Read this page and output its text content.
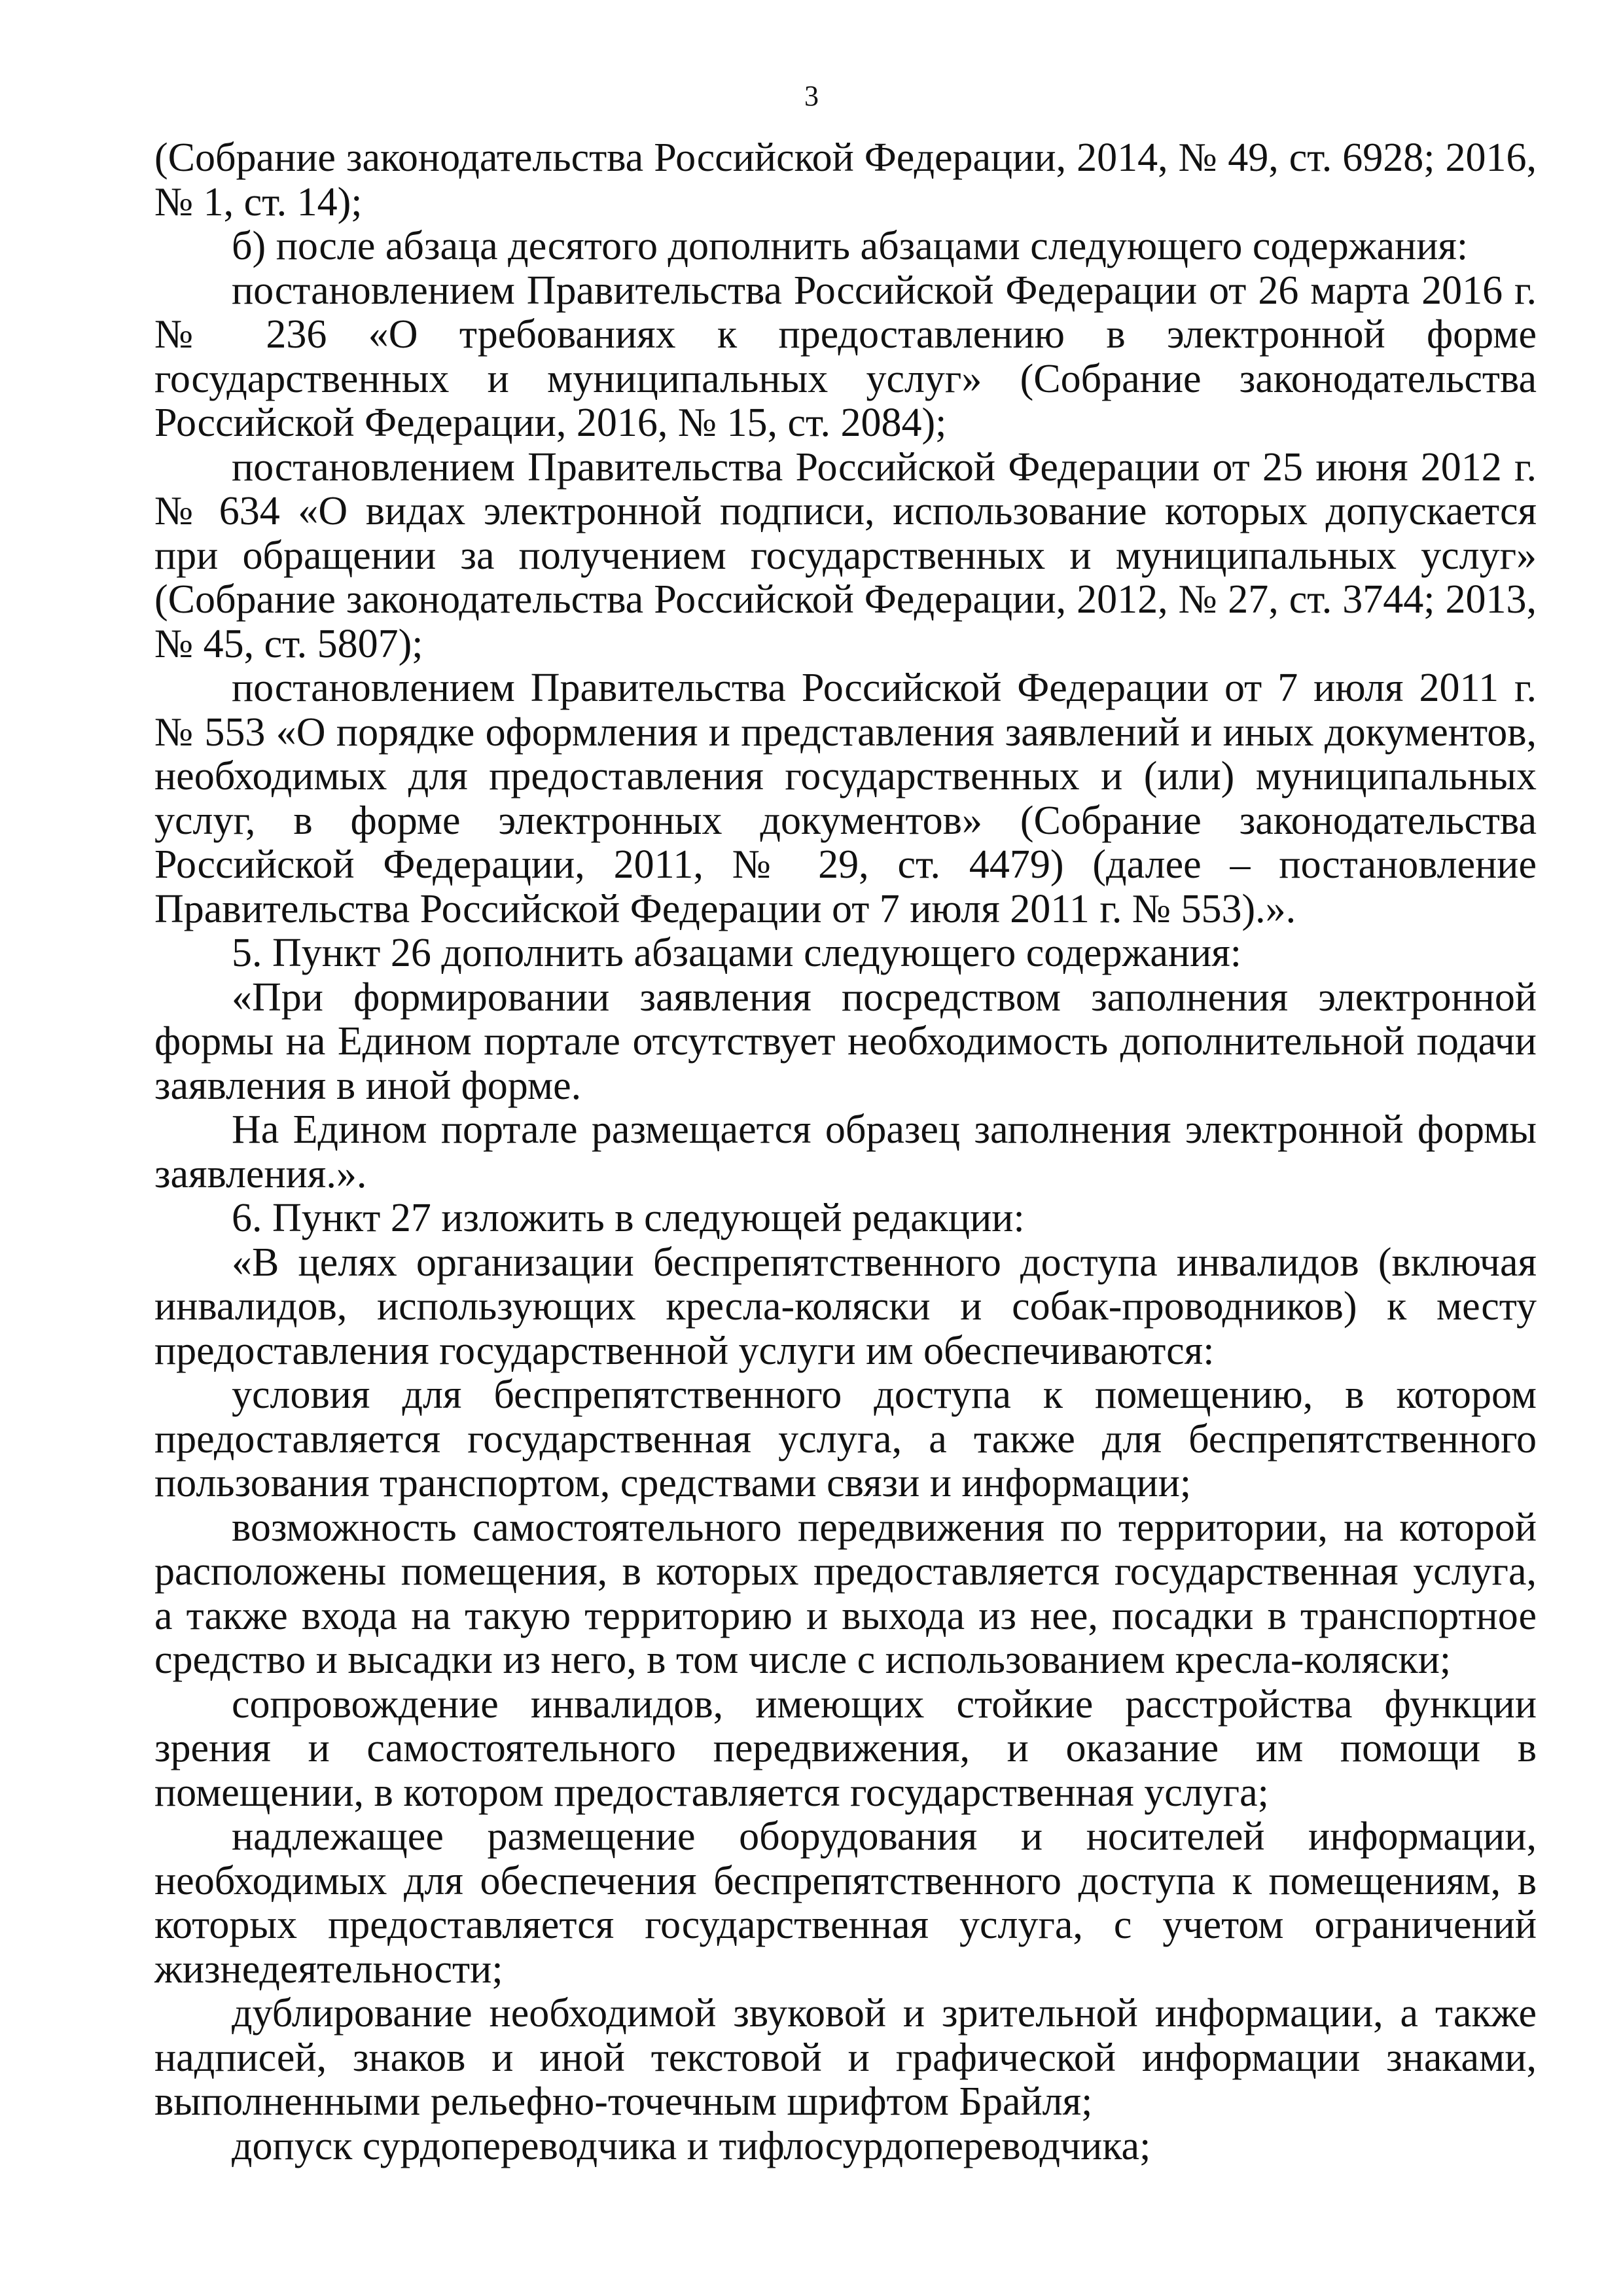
3

(Собрание законодательства Российской Федерации, 2014, № 49, ст. 6928; 2016, № 1, ст. 14);

б) после абзаца десятого дополнить абзацами следующего содержания:

постановлением Правительства Российской Федерации от 26 марта 2016 г. № 236 «О требованиях к предоставлению в электронной форме государственных и муниципальных услуг» (Собрание законодательства Российской Федерации, 2016, № 15, ст. 2084);

постановлением Правительства Российской Федерации от 25 июня 2012 г. № 634 «О видах электронной подписи, использование которых допускается при обращении за получением государственных и муниципальных услуг» (Собрание законодательства Российской Федерации, 2012, № 27, ст. 3744; 2013, № 45, ст. 5807);

постановлением Правительства Российской Федерации от 7 июля 2011 г. № 553 «О порядке оформления и представления заявлений и иных документов, необходимых для предоставления государственных и (или) муниципальных услуг, в форме электронных документов» (Собрание законодательства Российской Федерации, 2011, № 29, ст. 4479) (далее – постановление Правительства Российской Федерации от 7 июля 2011 г. № 553).».

5. Пункт 26 дополнить абзацами следующего содержания:

«При формировании заявления посредством заполнения электронной формы на Едином портале отсутствует необходимость дополнительной подачи заявления в иной форме.

На Едином портале размещается образец заполнения электронной формы заявления.».

6. Пункт 27 изложить в следующей редакции:

«В целях организации беспрепятственного доступа инвалидов (включая инвалидов, использующих кресла-коляски и собак-проводников) к месту предоставления государственной услуги им обеспечиваются:

условия для беспрепятственного доступа к помещению, в котором предоставляется государственная услуга, а также для беспрепятственного пользования транспортом, средствами связи и информации;

возможность самостоятельного передвижения по территории, на которой расположены помещения, в которых предоставляется государственная услуга, а также входа на такую территорию и выхода из нее, посадки в транспортное средство и высадки из него, в том числе с использованием кресла-коляски;

сопровождение инвалидов, имеющих стойкие расстройства функции зрения и самостоятельного передвижения, и оказание им помощи в помещении, в котором предоставляется государственная услуга;

надлежащее размещение оборудования и носителей информации, необходимых для обеспечения беспрепятственного доступа к помещениям, в которых предоставляется государственная услуга, с учетом ограничений жизнедеятельности;

дублирование необходимой звуковой и зрительной информации, а также надписей, знаков и иной текстовой и графической информации знаками, выполненными рельефно-точечным шрифтом Брайля;

допуск сурдопереводчика и тифлосурдопереводчика;
